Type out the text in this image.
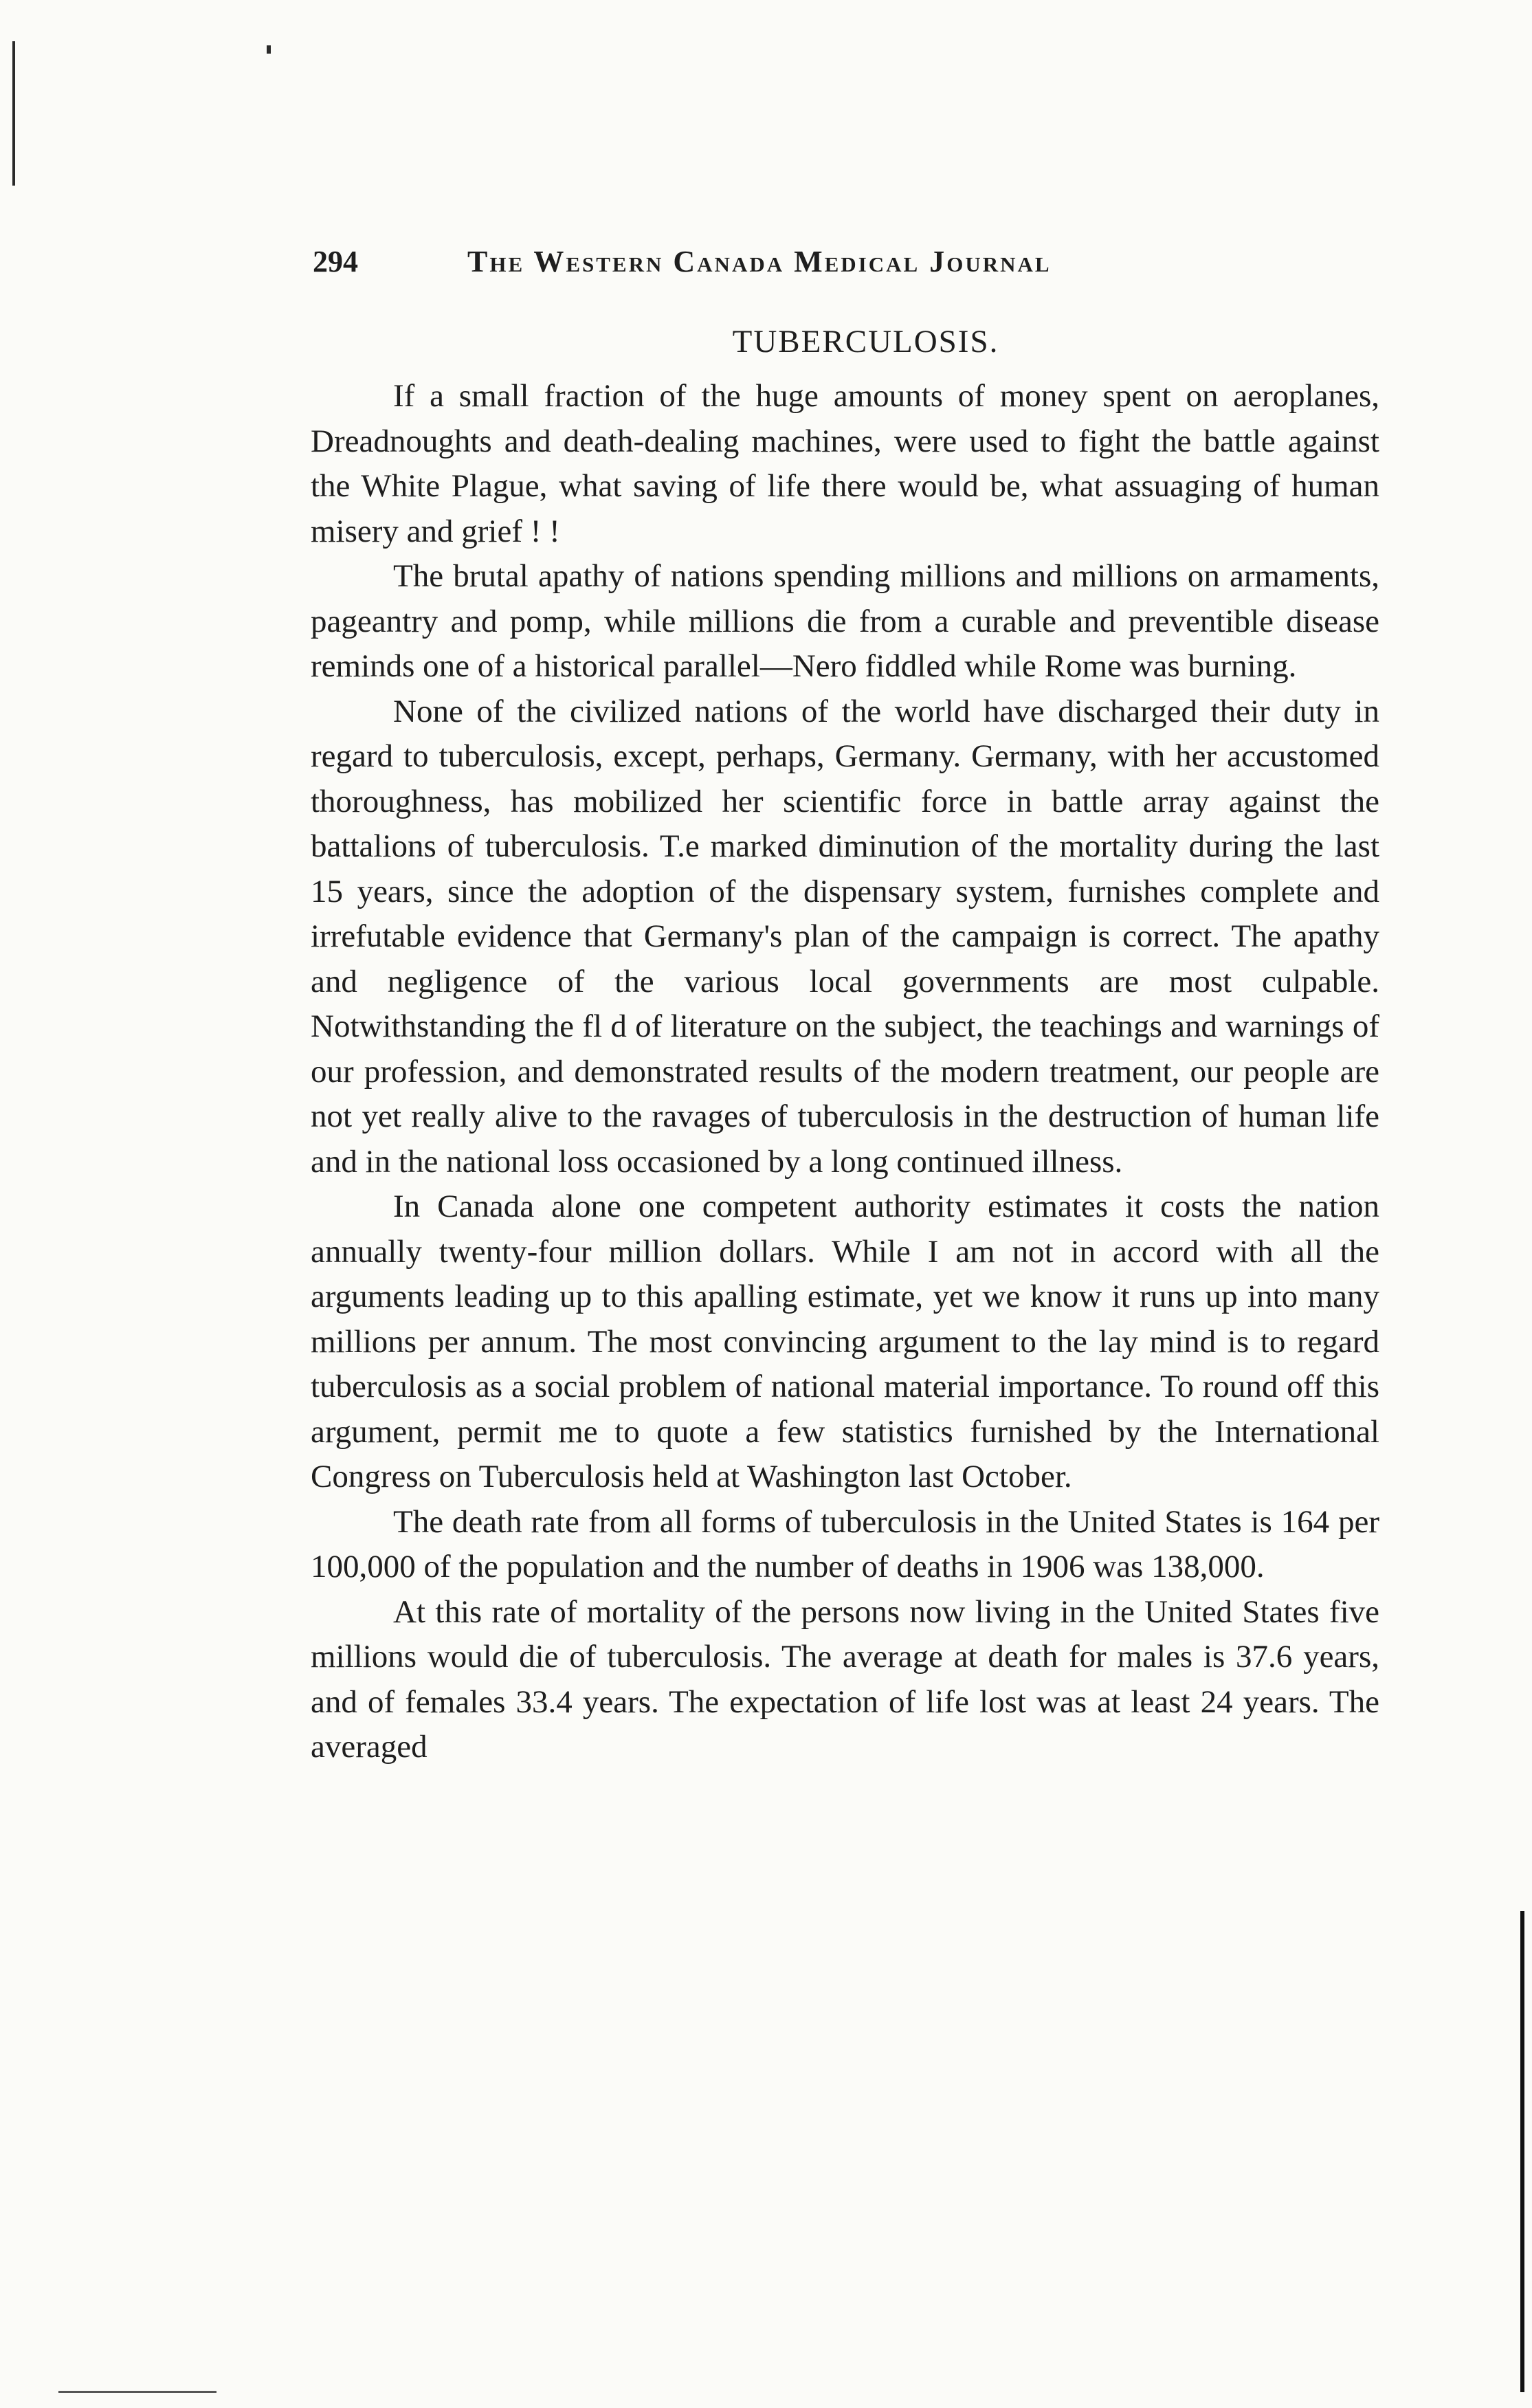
294	The Western Canada Medical Journal
TUBERCULOSIS.

If a small fraction of the huge amounts of money spent on aeroplanes, Dreadnoughts and death-dealing machines, were used to fight the battle against the White Plague, what saving of life there would be, what assuaging of human misery and grief ! !

The brutal apathy of nations spending millions and millions on armaments, pageantry and pomp, while millions die from a curable and preventible disease reminds one of a historical parallel—Nero fiddled while Rome was burning.

None of the civilized nations of the world have discharged their duty in regard to tuberculosis, except, perhaps, Germany. Germany, with her accustomed thoroughness, has mobilized her scientific force in battle array against the battalions of tuberculosis. T.e marked diminution of the mortality during the last 15 years, since the adoption of the dispensary system, furnishes complete and irrefutable evidence that Germany's plan of the campaign is correct. The apathy and negligence of the various local governments are most culpable. Notwithstanding the fl d of literature on the subject, the teachings and warnings of our profession, and demonstrated results of the modern treatment, our people are not yet really alive to the ravages of tuberculosis in the destruction of human life and in the national loss occasioned by a long continued illness.

In Canada alone one competent authority estimates it costs the nation annually twenty-four million dollars. While I am not in accord with all the arguments leading up to this apalling estimate, yet we know it runs up into many millions per annum. The most convincing argument to the lay mind is to regard tuberculosis as a social problem of national material importance. To round off this argument, permit me to quote a few statistics furnished by the International Congress on Tuberculosis held at Washington last October.

The death rate from all forms of tuberculosis in the United States is 164 per 100,000 of the population and the number of deaths in 1906 was 138,000.

At this rate of mortality of the persons now living in the United States five millions would die of tuberculosis. The average at death for males is 37.6 years, and of females 33.4 years. The expectation of life lost was at least 24 years. The averaged
